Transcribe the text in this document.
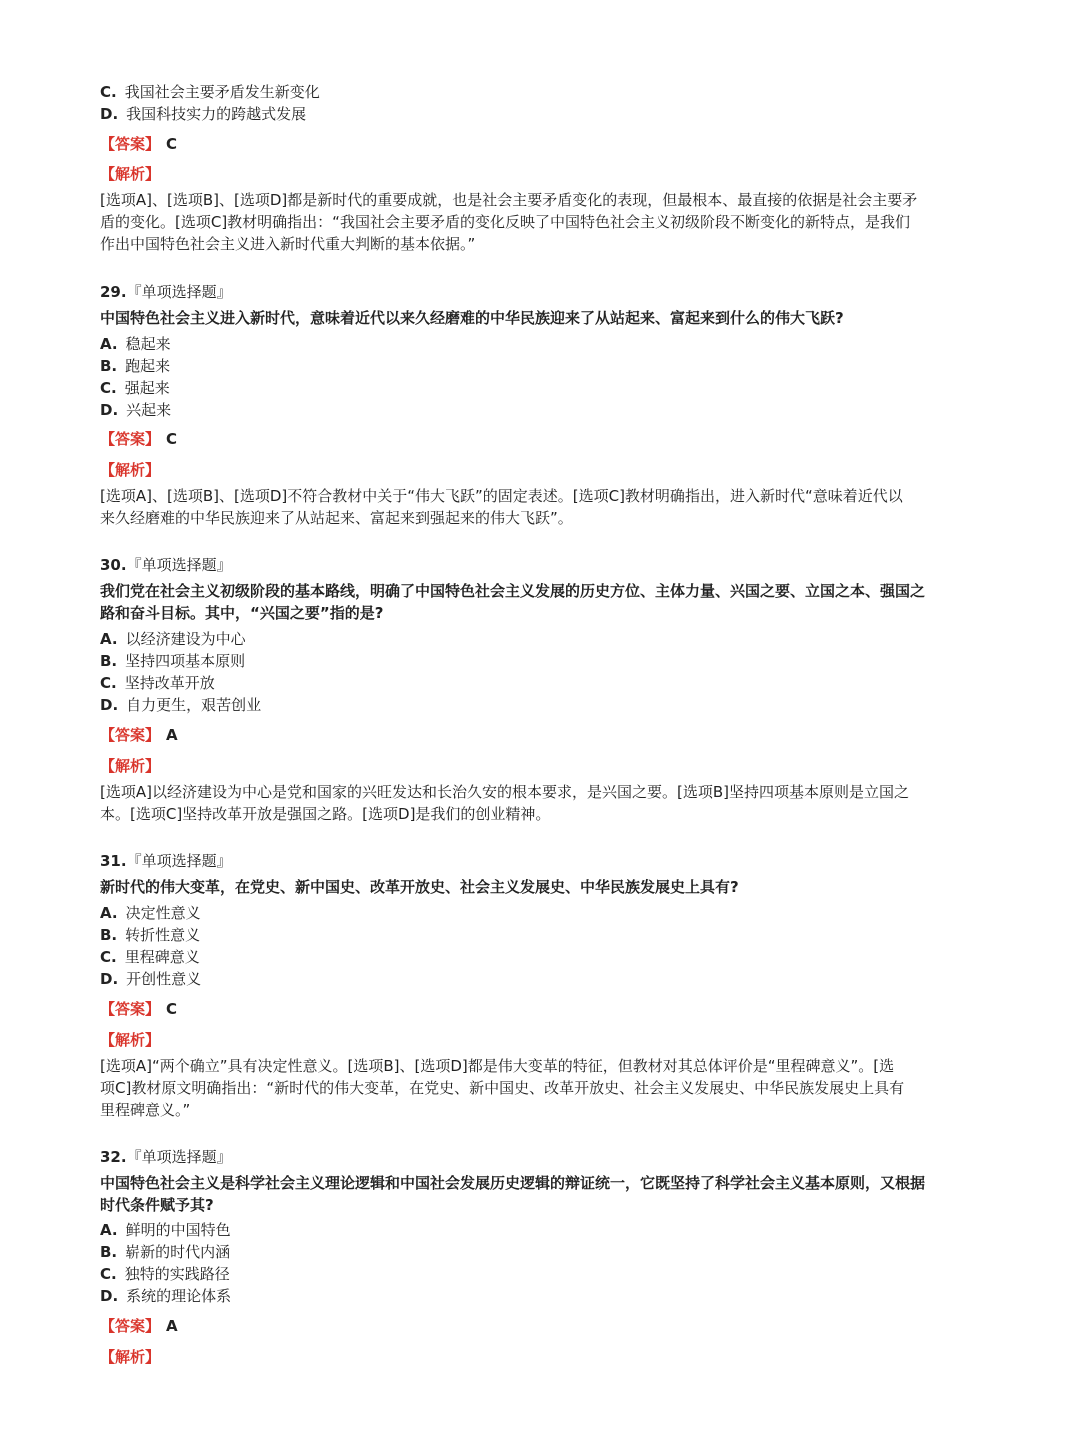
C. 我国社会主要矛盾发生新变化

D. 我国科技实力的跨越式发展

【答案】 C

【解析】

[选项A]、[选项B]、[选项D]都是新时代的重要成就，也是社会主要矛盾变化的表现，但最根本、最直接的依据是社会主要矛

盾的变化。[选项C]教材明确指出：“我国社会主要矛盾的变化反映了中国特色社会主义初级阶段不断变化的新特点，是我们

作出中国特色社会主义进入新时代重大判断的基本依据。”

29.『单项选择题』

中国特色社会主义进入新时代，意味着近代以来久经磨难的中华民族迎来了从站起来、富起来到什么的伟大飞跃?

A. 稳起来

B. 跑起来

C. 强起来

D. 兴起来

【答案】 C

【解析】

[选项A]、[选项B]、[选项D]不符合教材中关于“伟大飞跃”的固定表述。[选项C]教材明确指出，进入新时代“意味着近代以

来久经磨难的中华民族迎来了从站起来、富起来到强起来的伟大飞跃”。

30.『单项选择题』

我们党在社会主义初级阶段的基本路线，明确了中国特色社会主义发展的历史方位、主体力量、兴国之要、立国之本、强国之

路和奋斗目标。其中，“兴国之要”指的是?

A. 以经济建设为中心

B. 坚持四项基本原则

C. 坚持改革开放

D. 自力更生，艰苦创业

【答案】 A

【解析】

[选项A]以经济建设为中心是党和国家的兴旺发达和长治久安的根本要求，是兴国之要。[选项B]坚持四项基本原则是立国之

本。[选项C]坚持改革开放是强国之路。[选项D]是我们的创业精神。

31.『单项选择题』

新时代的伟大变革，在党史、新中国史、改革开放史、社会主义发展史、中华民族发展史上具有?

A. 决定性意义

B. 转折性意义

C. 里程碑意义

D. 开创性意义

【答案】 C

【解析】

[选项A]“两个确立”具有决定性意义。[选项B]、[选项D]都是伟大变革的特征，但教材对其总体评价是“里程碑意义”。[选

项C]教材原文明确指出：“新时代的伟大变革，在党史、新中国史、改革开放史、社会主义发展史、中华民族发展史上具有

里程碑意义。”

32.『单项选择题』

中国特色社会主义是科学社会主义理论逻辑和中国社会发展历史逻辑的辩证统一，它既坚持了科学社会主义基本原则，又根据

时代条件赋予其?

A. 鲜明的中国特色

B. 崭新的时代内涵

C. 独特的实践路径

D. 系统的理论体系

【答案】 A

【解析】
